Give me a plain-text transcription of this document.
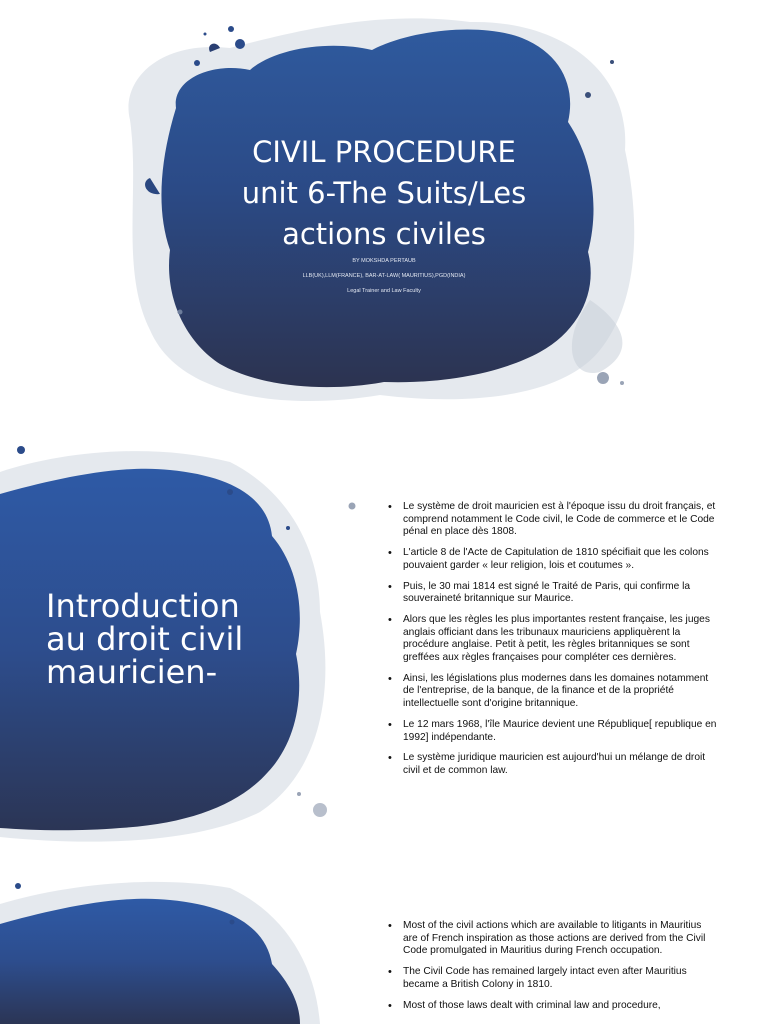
CIVIL PROCEDURE
unit 6-The Suits/Les
actions civiles
BY MOKSHDA PERTAUB
LLB(UK),LLM(FRANCE), BAR-AT-LAW( MAURITIUS),PGD(INDIA)
Legal Trainer and Law Faculty
Introduction
au droit civil
mauricien-
• Le système de droit mauricien est à l'époque issu du droit français, et comprend notamment le Code civil, le Code de commerce et le Code pénal en place dès 1808.
• L'article 8 de l'Acte de Capitulation de 1810 spécifiait que les colons pouvaient garder « leur religion, lois et coutumes ».
• Puis, le 30 mai 1814 est signé le Traité de Paris, qui confirme la souveraineté britannique sur Maurice.
• Alors que les règles les plus importantes restent française, les juges anglais officiant dans les tribunaux mauriciens appliquèrent la procédure anglaise. Petit à petit, les règles britanniques se sont greffées aux règles françaises pour compléter ces dernières.
• Ainsi, les législations plus modernes dans les domaines notamment de l'entreprise, de la banque, de la finance et de la propriété intellectuelle sont d'origine britannique.
• Le 12 mars 1968, l'île Maurice devient une République[ republique en 1992] indépendante.
• Le système juridique mauricien est aujourd'hui un mélange de droit civil et de common law.
• Most of the civil actions which are available to litigants in Mauritius are of French inspiration as those actions are derived from the Civil Code promulgated in Mauritius during French occupation.
• The Civil Code has remained largely intact even after Mauritius became a British Colony in 1810.
• Most of those laws dealt with criminal law and procedure,
